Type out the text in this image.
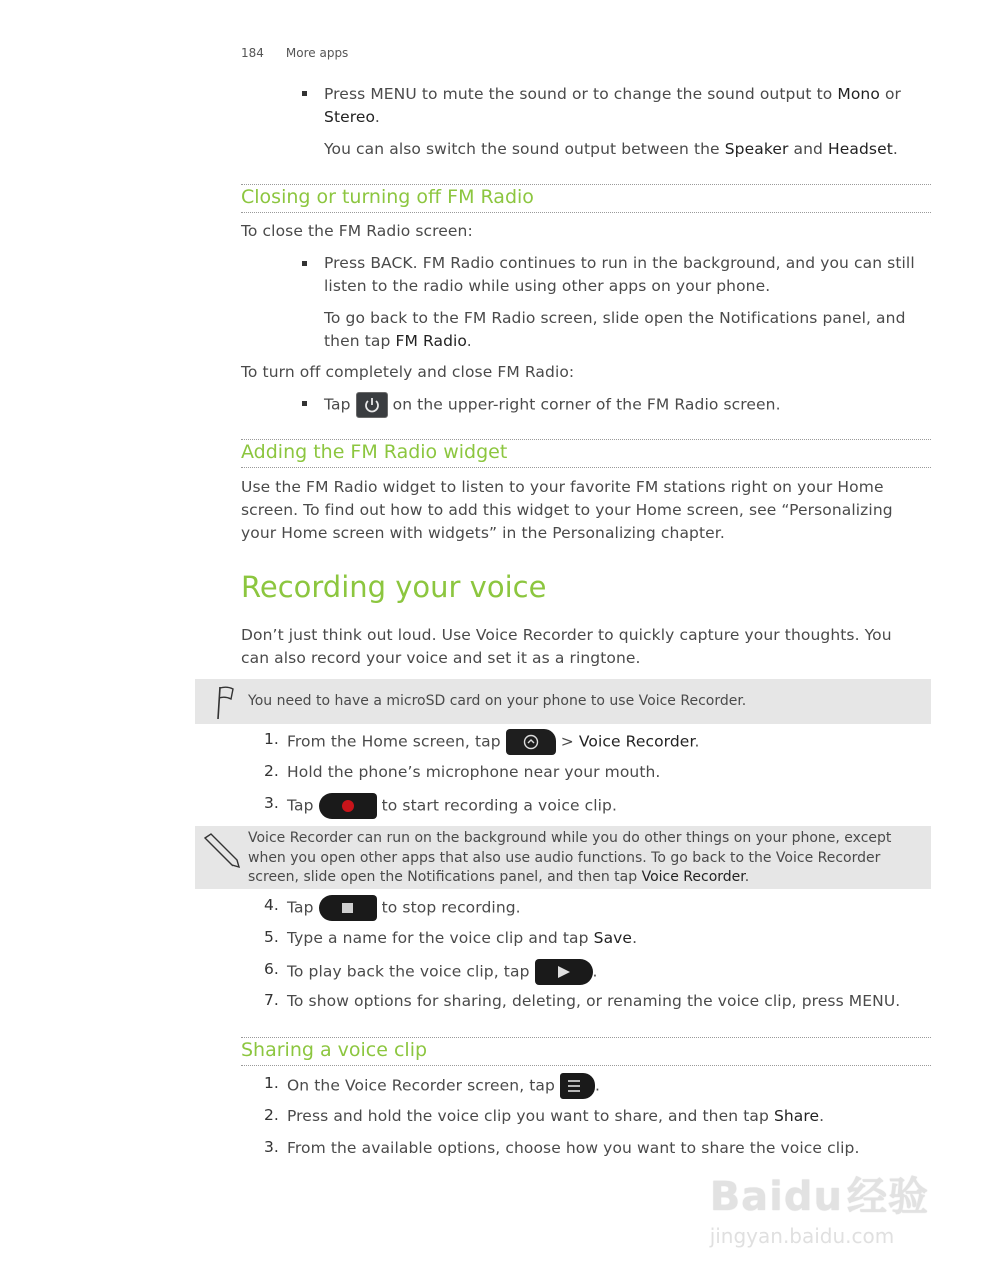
184 More apps
Press MENU to mute the sound or to change the sound output to Mono or
Stereo.
You can also switch the sound output between the Speaker and Headset.
Closing or turning off FM Radio
To close the FM Radio screen:
Press BACK. FM Radio continues to run in the background, and you can still
listen to the radio while using other apps on your phone.
To go back to the FM Radio screen, slide open the Notifications panel, and
then tap FM Radio.
To turn off completely and close FM Radio:
Tap
on the upper-right corner of the FM Radio screen.
Adding the FM Radio widget
Use the FM Radio widget to listen to your favorite FM stations right on your Home
screen. To find out how to add this widget to your Home screen, see “Personalizing
your Home screen with widgets” in the Personalizing chapter.
Recording your voice
Don’t just think out loud. Use Voice Recorder to quickly capture your thoughts. You
can also record your voice and set it as a ringtone.
You need to have a microSD card on your phone to use Voice Recorder.
1. From the Home screen, tap	> Voice Recorder.
2. Hold the phone’s microphone near your mouth.
3. Tap	to start recording a voice clip.
Voice Recorder can run on the background while you do other things on your phone, except
when you open other apps that also use audio functions. To go back to the Voice Recorder
screen, slide open the Notifications panel, and then tap Voice Recorder.
4. Tap	to stop recording.
5. Type a name for the voice clip and tap Save.
6. To play back the voice clip, tap	.
7. To show options for sharing, deleting, or renaming the voice clip, press MENU.
Sharing a voice clip
1. On the Voice Recorder screen, tap
.
2. Press and hold the voice clip you want to share, and then tap Share.
3. From the available options, choose how you want to share the voice clip.
Baidu 经验
jingyan.baidu.com
